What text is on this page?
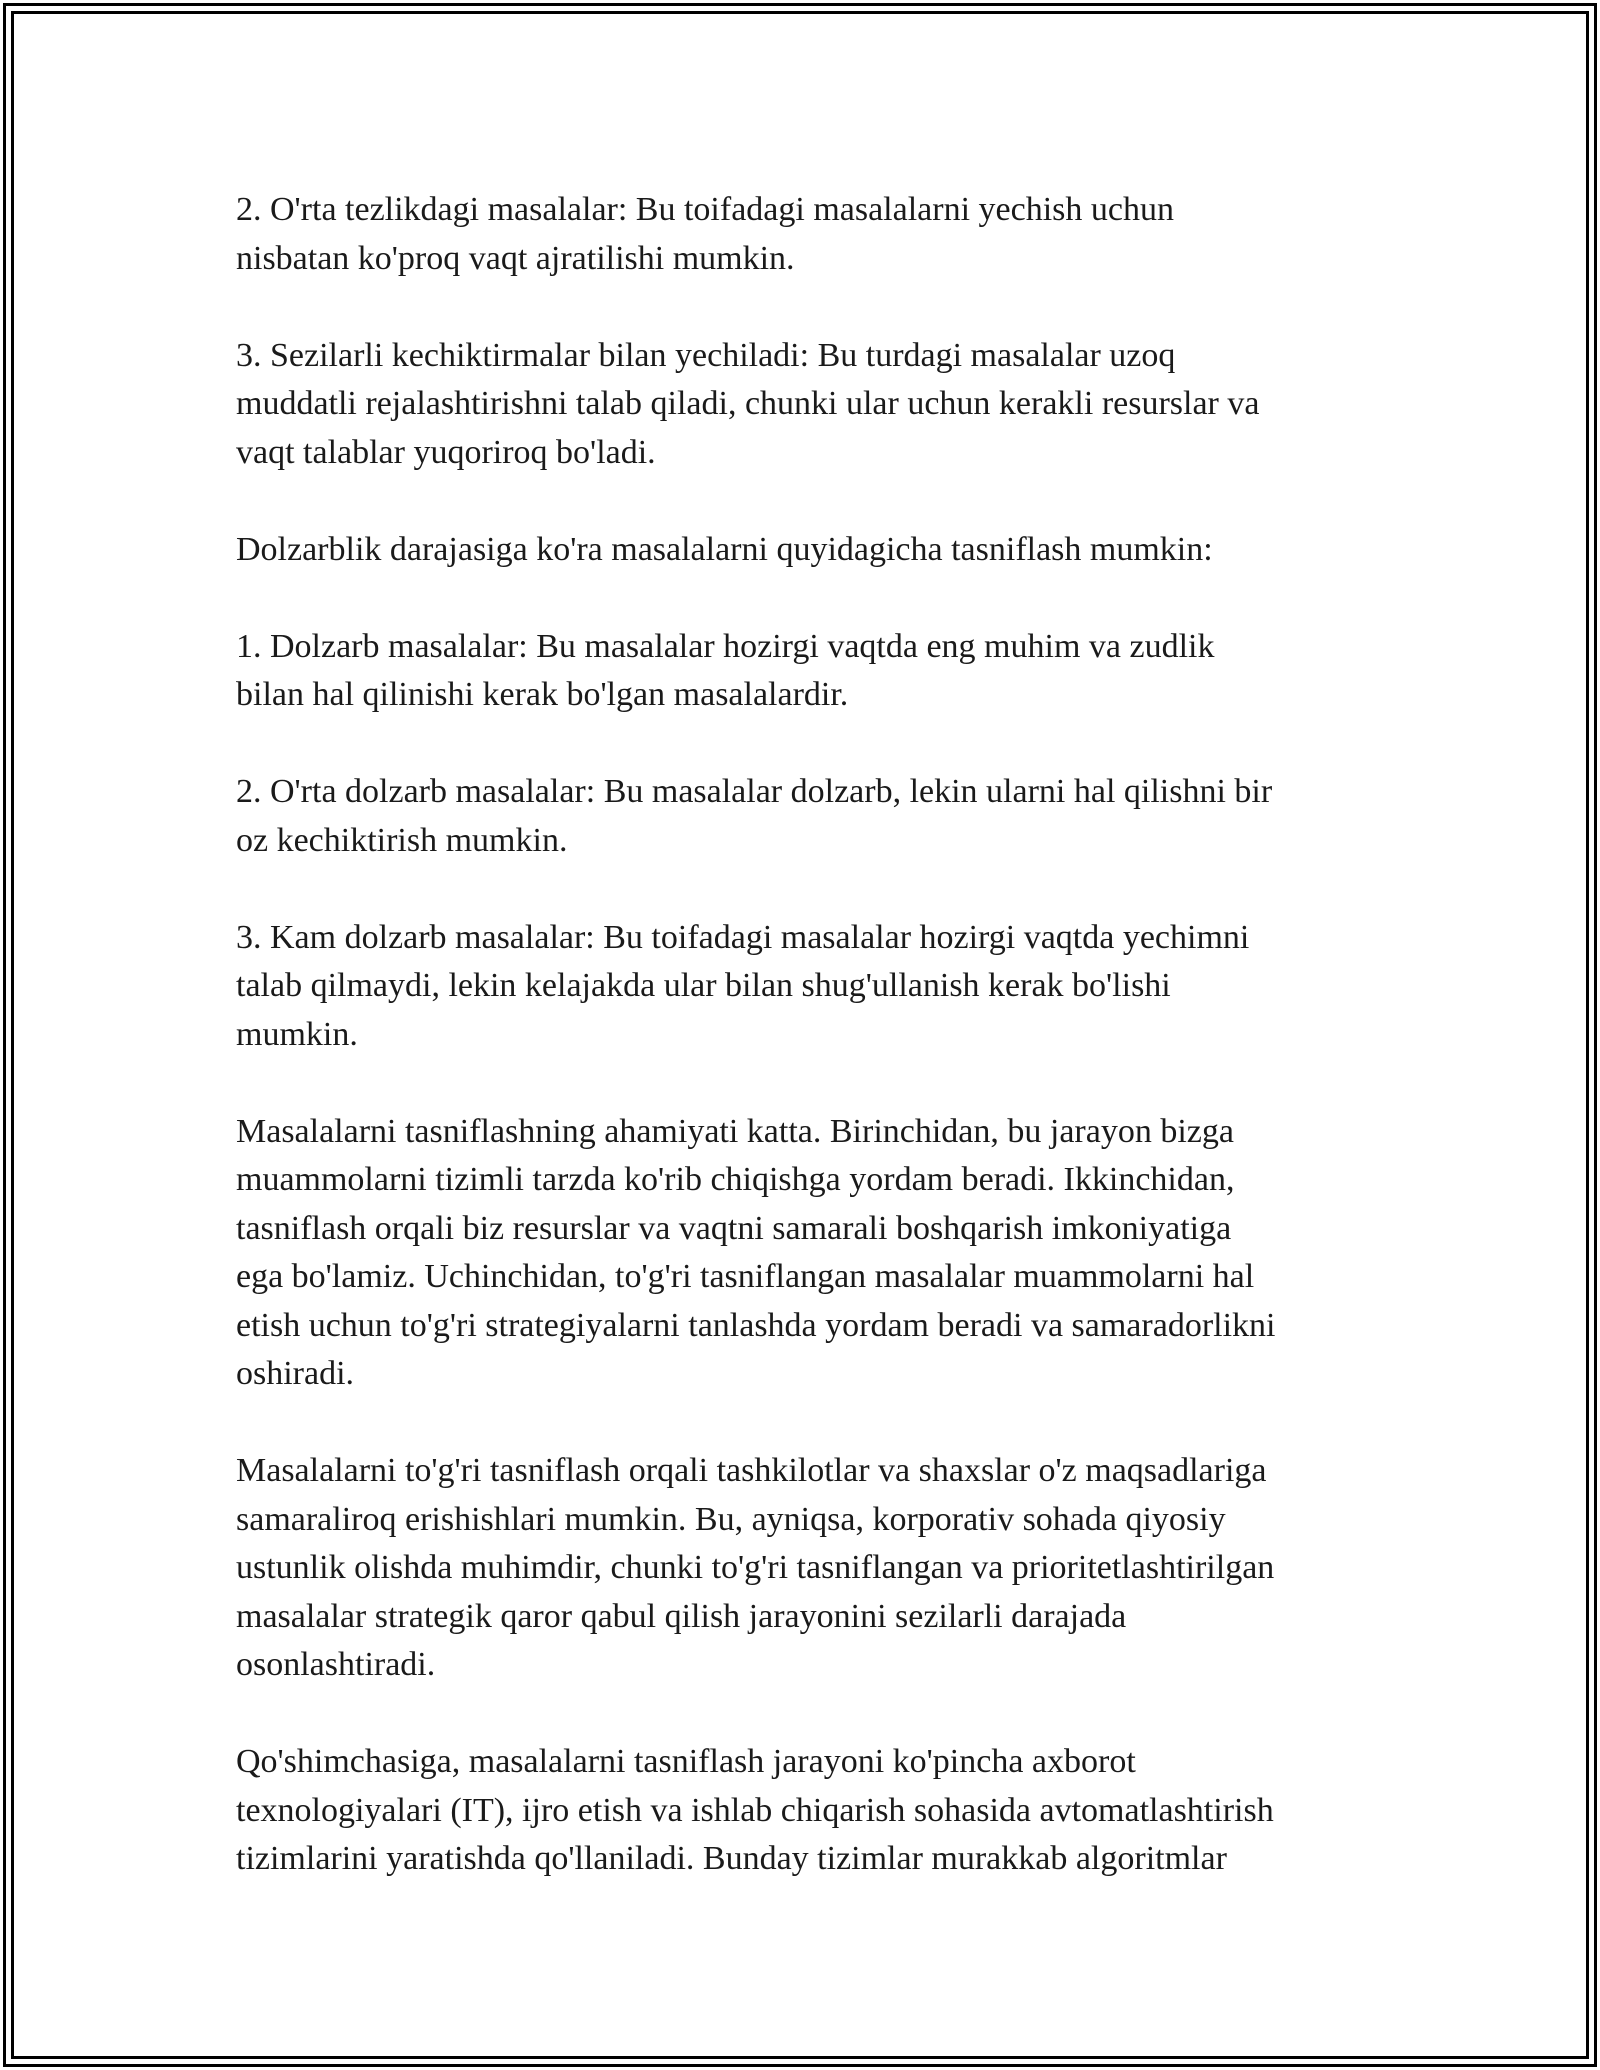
2. O'rta tezlikdagi masalalar: Bu toifadagi masalalarni yechish uchun
nisbatan ko'proq vaqt ajratilishi mumkin.

3. Sezilarli kechiktirmalar bilan yechiladi: Bu turdagi masalalar uzoq
muddatli rejalashtirishni talab qiladi, chunki ular uchun kerakli resurslar va
vaqt talablar yuqoriroq bo'ladi.

Dolzarblik darajasiga ko'ra masalalarni quyidagicha tasniflash mumkin:

1. Dolzarb masalalar: Bu masalalar hozirgi vaqtda eng muhim va zudlik
bilan hal qilinishi kerak bo'lgan masalalardir.

2. O'rta dolzarb masalalar: Bu masalalar dolzarb, lekin ularni hal qilishni bir
oz kechiktirish mumkin.

3. Kam dolzarb masalalar: Bu toifadagi masalalar hozirgi vaqtda yechimni
talab qilmaydi, lekin kelajakda ular bilan shug'ullanish kerak bo'lishi
mumkin.

Masalalarni tasniflashning ahamiyati katta. Birinchidan, bu jarayon bizga
muammolarni tizimli tarzda ko'rib chiqishga yordam beradi. Ikkinchidan,
tasniflash orqali biz resurslar va vaqtni samarali boshqarish imkoniyatiga
ega bo'lamiz. Uchinchidan, to'g'ri tasniflangan masalalar muammolarni hal
etish uchun to'g'ri strategiyalarni tanlashda yordam beradi va samaradorlikni
oshiradi.

Masalalarni to'g'ri tasniflash orqali tashkilotlar va shaxslar o'z maqsadlariga
samaraliroq erishishlari mumkin. Bu, ayniqsa, korporativ sohada qiyosiy
ustunlik olishda muhimdir, chunki to'g'ri tasniflangan va prioritetlashtirilgan
masalalar strategik qaror qabul qilish jarayonini sezilarli darajada
osonlashtiradi.

Qo'shimchasiga, masalalarni tasniflash jarayoni ko'pincha axborot
texnologiyalari (IT), ijro etish va ishlab chiqarish sohasida avtomatlashtirish
tizimlarini yaratishda qo'llaniladi. Bunday tizimlar murakkab algoritmlar
